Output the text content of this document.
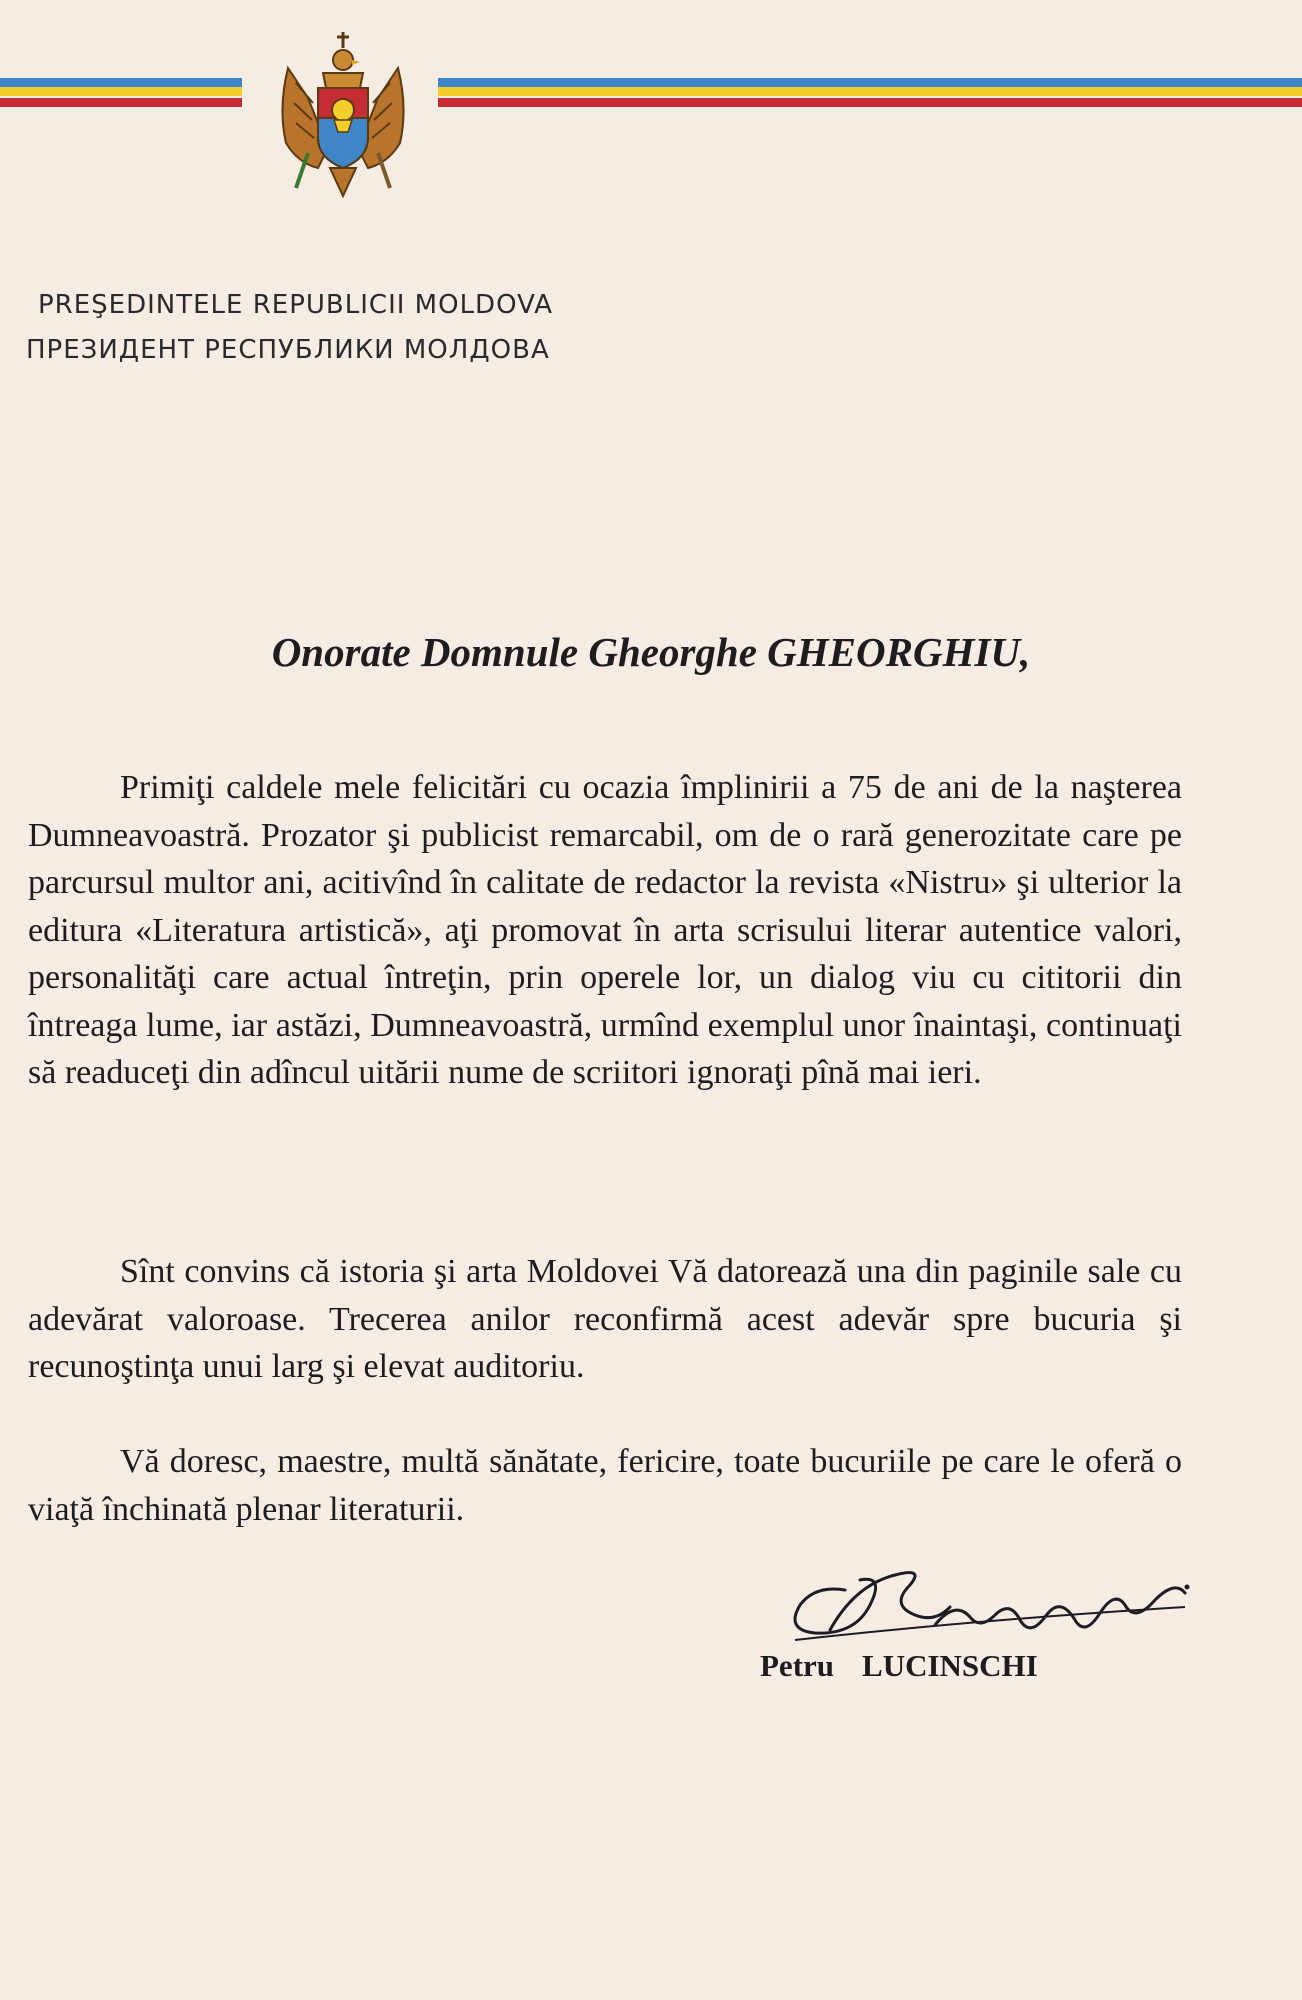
PREŞEDINTELE REPUBLICII MOLDOVA
ПРЕЗИДЕНТ РЕСПУБЛИКИ МОЛДОВА
Onorate Domnule Gheorghe GHEORGHIU,

Primiţi caldele mele felicitări cu ocazia împlinirii a 75 de ani de la naşterea Dumneavoastră. Prozator şi publicist remarcabil, om de o rară generozitate care pe parcursul multor ani, acitivînd în calitate de redactor la revista «Nistru» şi ulterior la editura «Literatura artistică», aţi promovat în arta scrisului literar autentice valori, personalităţi care actual întreţin, prin operele lor, un dialog viu cu cititorii din întreaga lume, iar astăzi, Dumneavoastră, urmînd exemplul unor înaintaşi, continuaţi să readuceţi din adîncul uitării nume de scriitori ignoraţi pînă mai ieri.

Sînt convins că istoria şi arta Moldovei Vă datorează una din paginile sale cu adevărat valoroase. Trecerea anilor reconfirmă acest adevăr spre bucuria şi recunoştinţa unui larg şi elevat auditoriu.

Vă doresc, maestre, multă sănătate, fericire, toate bucuriile pe care le oferă o viaţă închinată plenar literaturii.

Petru LUCINSCHI
